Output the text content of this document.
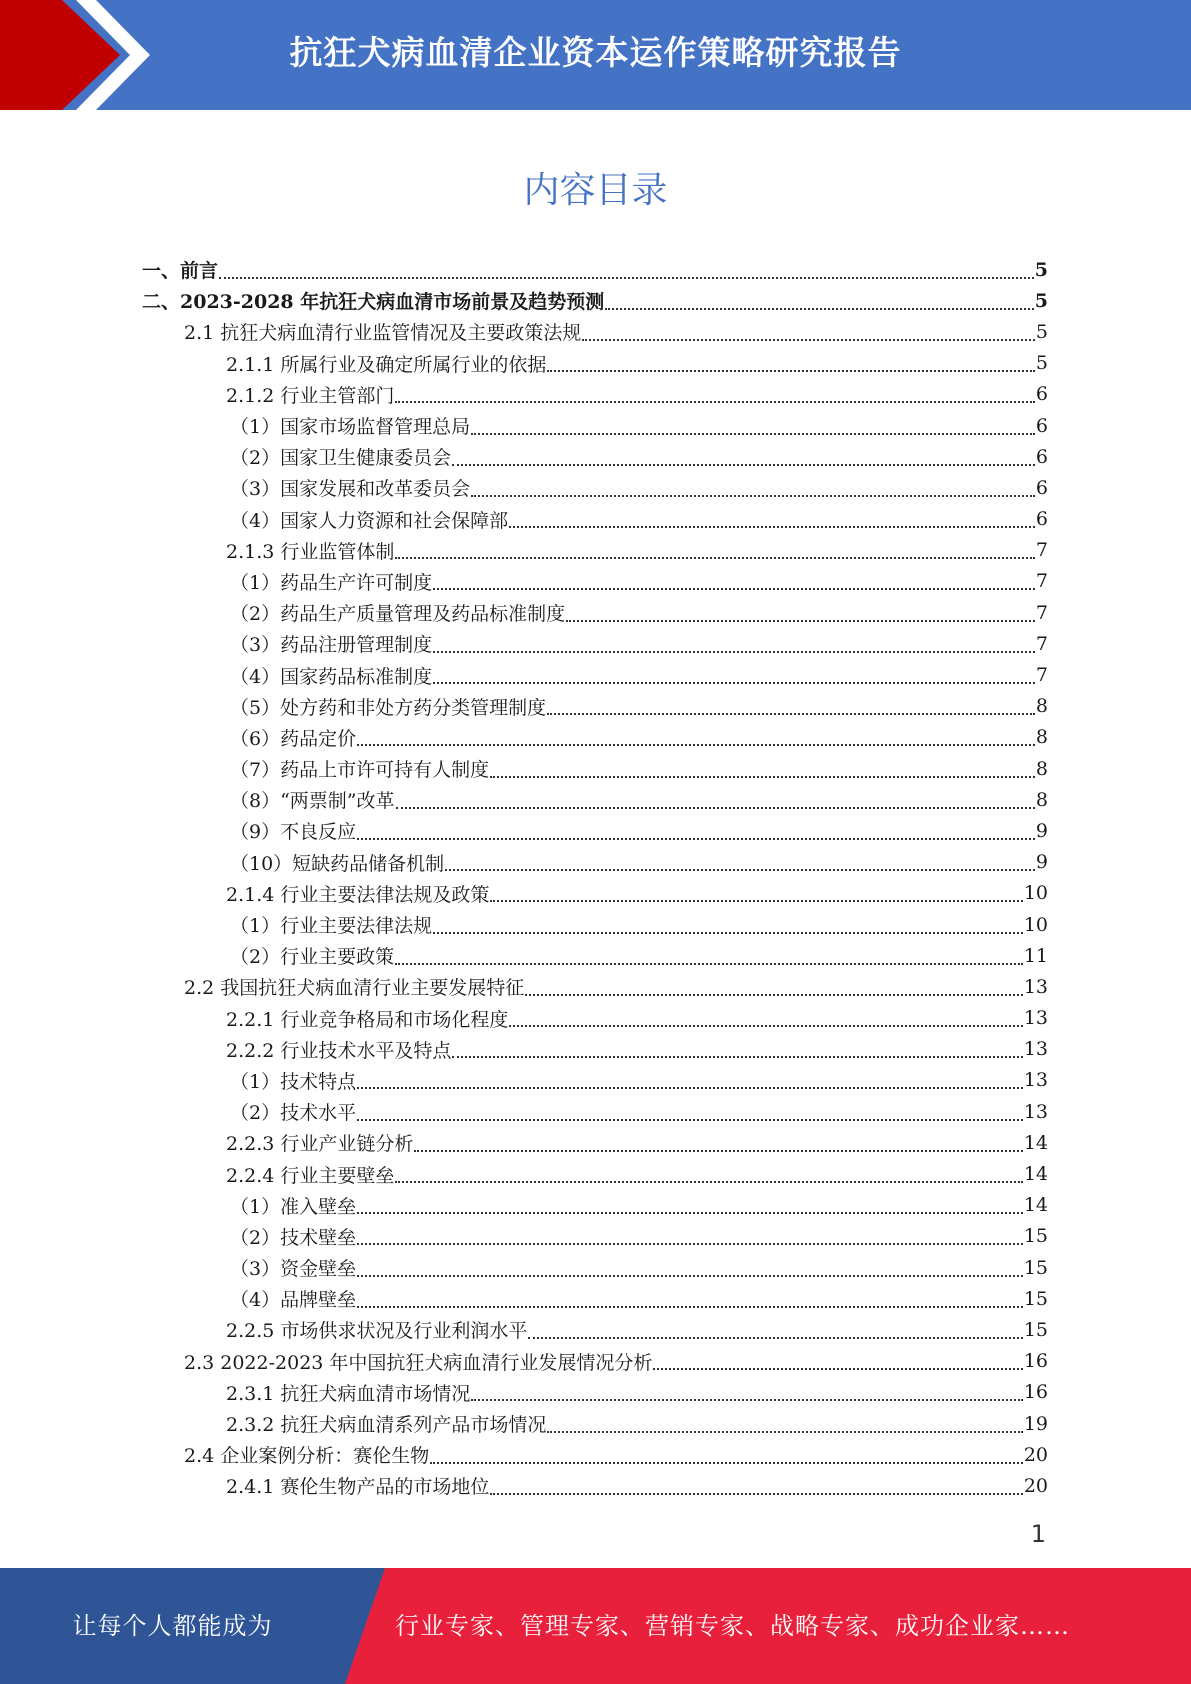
抗狂犬病血清企业资本运作策略研究报告
内容目录
一、前言	5
二、2023-2028 年抗狂犬病血清市场前景及趋势预测	5
2.1 抗狂犬病血清行业监管情况及主要政策法规	5
2.1.1 所属行业及确定所属行业的依据	5
2.1.2 行业主管部门	6
（1）国家市场监督管理总局	6
（2）国家卫生健康委员会	6
（3）国家发展和改革委员会	6
（4）国家人力资源和社会保障部	6
2.1.3 行业监管体制	7
（1）药品生产许可制度	7
（2）药品生产质量管理及药品标准制度	7
（3）药品注册管理制度	7
（4）国家药品标准制度	7
（5）处方药和非处方药分类管理制度	8
（6）药品定价	8
（7）药品上市许可持有人制度	8
（8）“两票制”改革	8
（9）不良反应	9
（10）短缺药品储备机制	9
2.1.4 行业主要法律法规及政策	10
（1）行业主要法律法规	10
（2）行业主要政策	11
2.2 我国抗狂犬病血清行业主要发展特征	13
2.2.1 行业竞争格局和市场化程度	13
2.2.2 行业技术水平及特点	13
（1）技术特点	13
（2）技术水平	13
2.2.3 行业产业链分析	14
2.2.4 行业主要壁垒	14
（1）准入壁垒	14
（2）技术壁垒	15
（3）资金壁垒	15
（4）品牌壁垒	15
2.2.5 市场供求状况及行业利润水平	15
2.3 2022-2023 年中国抗狂犬病血清行业发展情况分析	16
2.3.1 抗狂犬病血清市场情况	16
2.3.2 抗狂犬病血清系列产品市场情况	19
2.4 企业案例分析：赛伦生物	20
2.4.1 赛伦生物产品的市场地位	20
1
让每个人都能成为	行业专家、管理专家、营销专家、战略专家、成功企业家……
